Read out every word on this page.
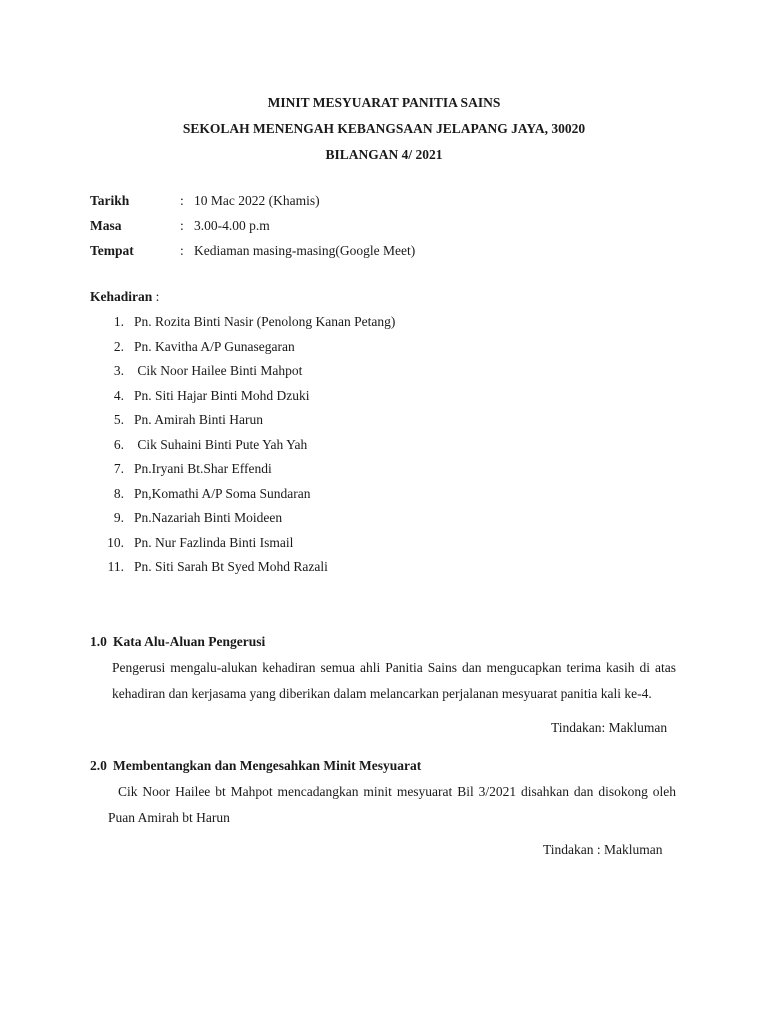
MINIT MESYUARAT PANITIA SAINS
SEKOLAH MENENGAH KEBANGSAAN JELAPANG JAYA, 30020
BILANGAN 4/ 2021
Tarikh	: 10 Mac 2022 (Khamis)
Masa	: 3.00-4.00 p.m
Tempat	: Kediaman masing-masing(Google Meet)
Kehadiran :
1. Pn. Rozita Binti Nasir (Penolong Kanan Petang)
2. Pn. Kavitha A/P Gunasegaran
3. Cik Noor Hailee Binti Mahpot
4. Pn. Siti Hajar Binti Mohd Dzuki
5. Pn. Amirah Binti Harun
6. Cik Suhaini Binti Pute Yah Yah
7. Pn.Iryani Bt.Shar Effendi
8. Pn,Komathi A/P Soma Sundaran
9. Pn.Nazariah Binti Moideen
10. Pn. Nur Fazlinda Binti Ismail
11. Pn. Siti Sarah Bt Syed Mohd Razali
1.0 Kata Alu-Aluan Pengerusi
Pengerusi mengalu-alukan kehadiran semua ahli Panitia Sains dan mengucapkan terima kasih di atas kehadiran dan kerjasama yang diberikan dalam melancarkan perjalanan mesyuarat panitia kali ke-4.
Tindakan: Makluman
2.0 Membentangkan dan Mengesahkan Minit Mesyuarat
Cik Noor Hailee bt Mahpot mencadangkan minit mesyuarat Bil 3/2021 disahkan dan disokong oleh Puan Amirah bt Harun
Tindakan : Makluman
